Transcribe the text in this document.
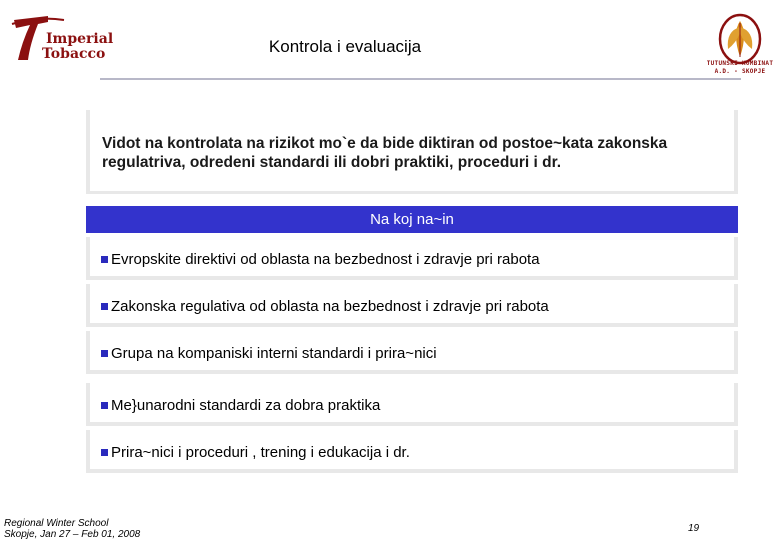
Imperial
Tobacco	Kontrola i evaluacija
TUTUNSKI KOMBINAT
A.D. - SKOPJE
Vidot na kontrolata na rizikot mo`e da bide diktiran od postoe~kata zakonska regulatriva, odredeni standardi ili dobri praktiki, proceduri i dr.
Na koj na~in
Evropskite direktivi od oblasta na bezbednost i zdravje pri rabota
Zakonska regulativa od oblasta na bezbednost i zdravje pri rabota
Grupa na kompaniski interni standardi i prira~nici
Me}unarodni standardi za dobra praktika
Prira~nici i proceduri , trening i edukacija i dr.
Regional Winter School
Skopje, Jan 27 – Feb 01, 2008
19
